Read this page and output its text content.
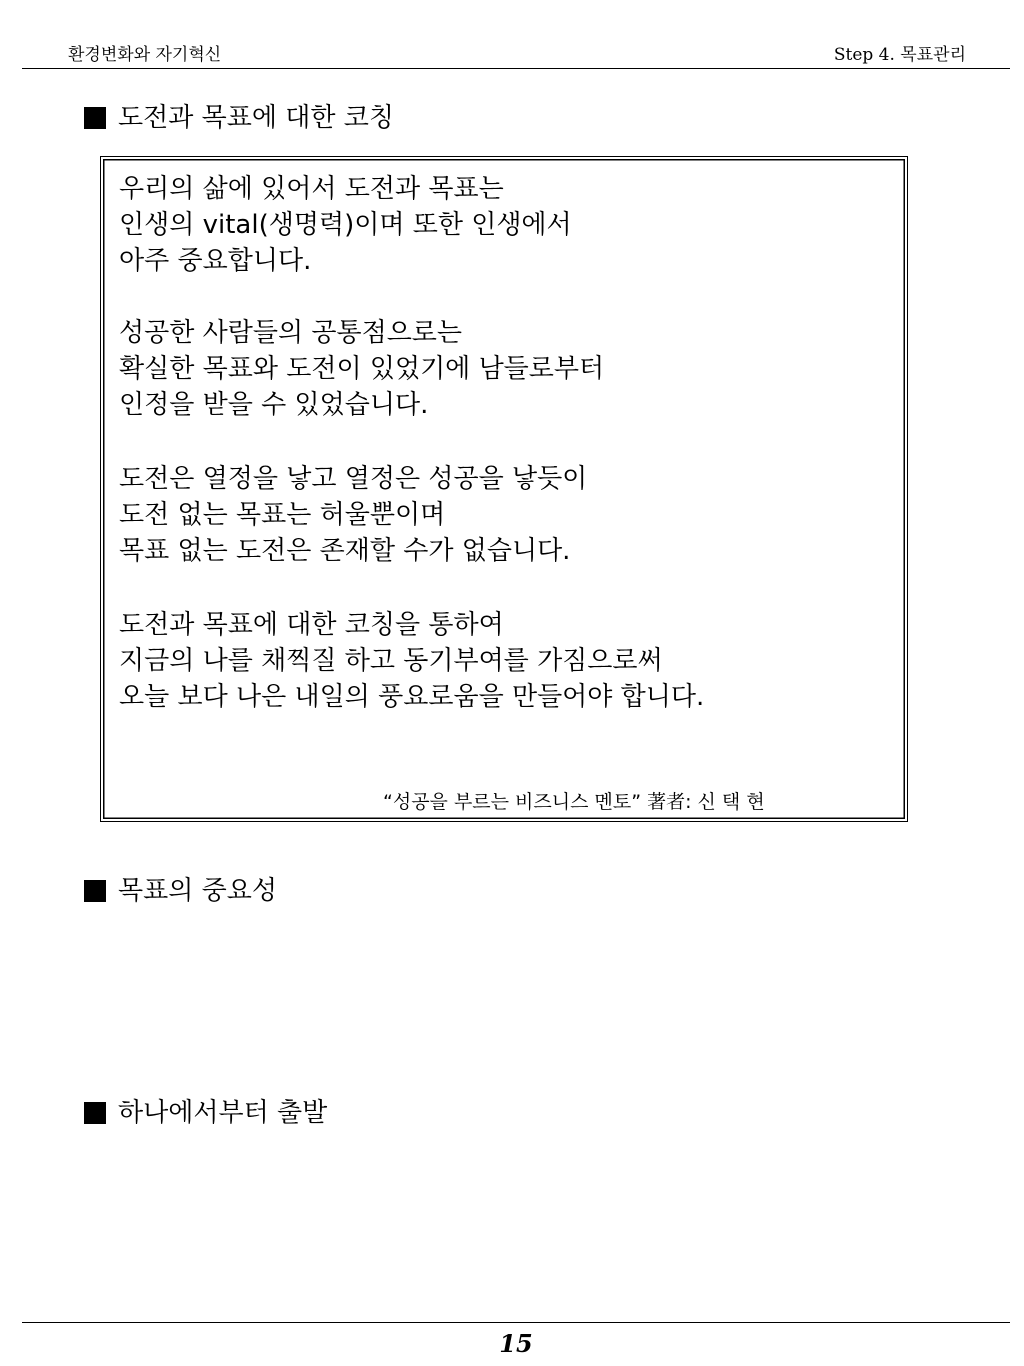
환경변화와 자기혁신	Step 4. 목표관리
도전과 목표에 대한 코칭
우리의 삶에 있어서 도전과 목표는
인생의 vital(생명력)이며 또한 인생에서
아주 중요합니다.
성공한 사람들의 공통점으로는
확실한 목표와 도전이 있었기에 남들로부터
인정을 받을 수 있었습니다.
도전은 열정을 낳고 열정은 성공을 낳듯이
도전 없는 목표는 허울뿐이며
목표 없는 도전은 존재할 수가 없습니다.
도전과 목표에 대한 코칭을 통하여
지금의 나를 채찍질 하고 동기부여를 가짐으로써
오늘 보다 나은 내일의 풍요로움을 만들어야 합니다.
“성공을 부르는 비즈니스 멘토” 著者: 신 택 현
목표의 중요성
하나에서부터 출발
15
